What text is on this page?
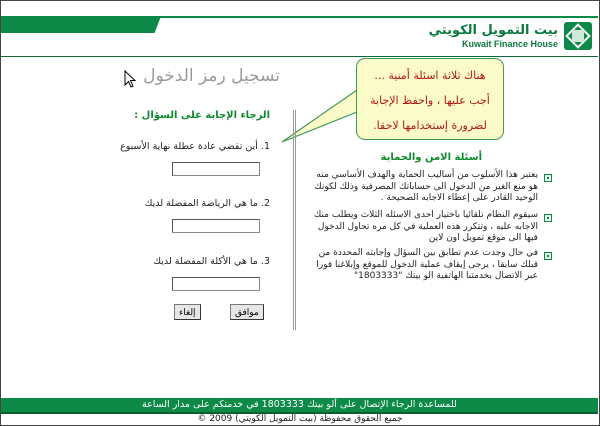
بيت التمويل الكويتي
Kuwait Finance House
تسجيل رمز الدخول	هناك ثلاثة اسئلة أمنية ...
أجب عليها ، واحفظ الإجابة
لضرورة إستخدامها لاحقا.
الرجاء الإجابة على السؤال :
1. أين تقضي عادة عطلة نهاية الأسبوع
2. ما هي الرياضة المفضلة لديك
3. ما هي الأكلة المفضلة لديك
موافق
إلغاء
أسئلة الامن والحماية
يعتبر هذا الأسلوب من أساليب الحماية والهدف الأساسي منه هو منع الغير من الدخول الى حساباتك المصرفية وذلك لكونك الوحيد القادر على إعطاء الاجابه الصحيحة .
سيقوم النظام تلقائيا باختيار احدى الاسئله الثلاث ويطلب منك الاجابه عليه ، وتتكرر هذه العملية في كل مره تحاول الدخول فيها الى موقع تمويل اون لاين
في حال وجدت عدم تطابق بين السؤال وإجابته المحددة من قبلك سابقا ، يرجى إيقاف عملية الدخول للموقع وإبلاغنا فورا عبر الاتصال بخدمتنا الهاتفية الو بيتك "1803333"
للمساعدة الرجاء الإتصال على ألو بيتك 1803333 في خدمتكم على مدار الساعة
جميع الحقوق محفوظة (بيت التمويل الكويتي) 2009 ©
